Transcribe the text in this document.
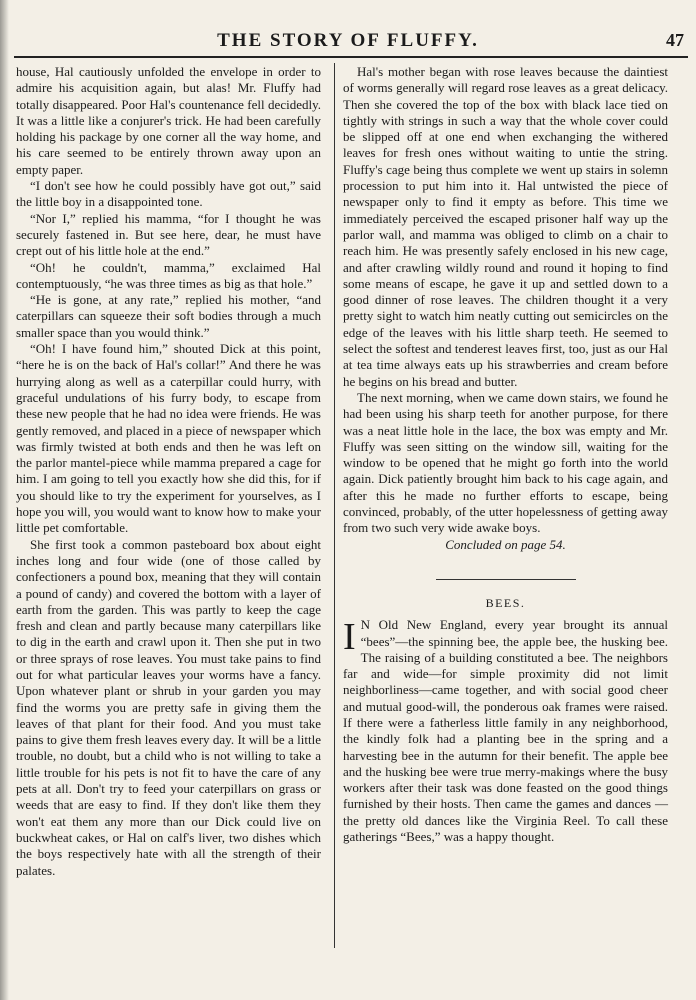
THE STORY OF FLUFFY.	47

house, Hal cautiously unfolded the envelope in order to admire his acquisition again, but alas! Mr. Fluffy had totally disappeared. Poor Hal's countenance fell decidedly. It was a little like a conjurer's trick. He had been carefully holding his package by one corner all the way home, and his care seemed to be entirely thrown away upon an empty paper.

“I don't see how he could possibly have got out,” said the little boy in a disappointed tone.

“Nor I,” replied his mamma, “for I thought he was securely fastened in. But see here, dear, he must have crept out of his little hole at the end.”

“Oh! he couldn't, mamma,” exclaimed Hal contemptuously, “he was three times as big as that hole.”

“He is gone, at any rate,” replied his mother, “and caterpillars can squeeze their soft bodies through a much smaller space than you would think.”

“Oh! I have found him,” shouted Dick at this point, “here he is on the back of Hal's collar!” And there he was hurrying along as well as a caterpillar could hurry, with graceful undulations of his furry body, to escape from these new people that he had no idea were friends. He was gently removed, and placed in a piece of newspaper which was firmly twisted at both ends and then he was left on the parlor mantel-piece while mamma prepared a cage for him. I am going to tell you exactly how she did this, for if you should like to try the experiment for yourselves, as I hope you will, you would want to know how to make your little pet comfortable.

She first took a common pasteboard box about eight inches long and four wide (one of those called by confectioners a pound box, meaning that they will contain a pound of candy) and covered the bottom with a layer of earth from the garden. This was partly to keep the cage fresh and clean and partly because many caterpillars like to dig in the earth and crawl upon it. Then she put in two or three sprays of rose leaves. You must take pains to find out for what particular leaves your worms have a fancy. Upon whatever plant or shrub in your garden you may find the worms you are pretty safe in giving them the leaves of that plant for their food. And you must take pains to give them fresh leaves every day. It will be a little trouble, no doubt, but a child who is not willing to take a little trouble for his pets is not fit to have the care of any pets at all. Don't try to feed your caterpillars on grass or weeds that are easy to find. If they don't like them they won't eat them any more than our Dick could live on buckwheat cakes, or Hal on calf's liver, two dishes which the boys respectively hate with all the strength of their palates.

Hal's mother began with rose leaves because the daintiest of worms generally will regard rose leaves as a great delicacy. Then she covered the top of the box with black lace tied on tightly with strings in such a way that the whole cover could be slipped off at one end when exchanging the withered leaves for fresh ones without waiting to untie the string. Fluffy's cage being thus complete we went up stairs in solemn procession to put him into it. Hal untwisted the piece of newspaper only to find it empty as before. This time we immediately perceived the escaped prisoner half way up the parlor wall, and mamma was obliged to climb on a chair to reach him. He was presently safely enclosed in his new cage, and after crawling wildly round and round it hoping to find some means of escape, he gave it up and settled down to a good dinner of rose leaves. The children thought it a very pretty sight to watch him neatly cutting out semicircles on the edge of the leaves with his little sharp teeth. He seemed to select the softest and tenderest leaves first, too, just as our Hal at tea time always eats up his strawberries and cream before he begins on his bread and butter.

The next morning, when we came down stairs, we found he had been using his sharp teeth for another purpose, for there was a neat little hole in the lace, the box was empty and Mr. Fluffy was seen sitting on the window sill, waiting for the window to be opened that he might go forth into the world again. Dick patiently brought him back to his cage again, and after this he made no further efforts to escape, being convinced, probably, of the utter hopelessness of getting away from two such very wide awake boys.

Concluded on page 54.

BEES.

I N Old New England, every year brought its annual “bees”—the spinning bee, the apple bee, the husking bee. The raising of a building constituted a bee. The neighbors far and wide—for simple proximity did not limit neighborliness—came together, and with social good cheer and mutual good-will, the ponderous oak frames were raised. If there were a fatherless little family in any neighborhood, the kindly folk had a planting bee in the spring and a harvesting bee in the autumn for their benefit. The apple bee and the husking bee were true merry-makings where the busy workers after their task was done feasted on the good things furnished by their hosts. Then came the games and dances —the pretty old dances like the Virginia Reel. To call these gatherings “Bees,” was a happy thought.
